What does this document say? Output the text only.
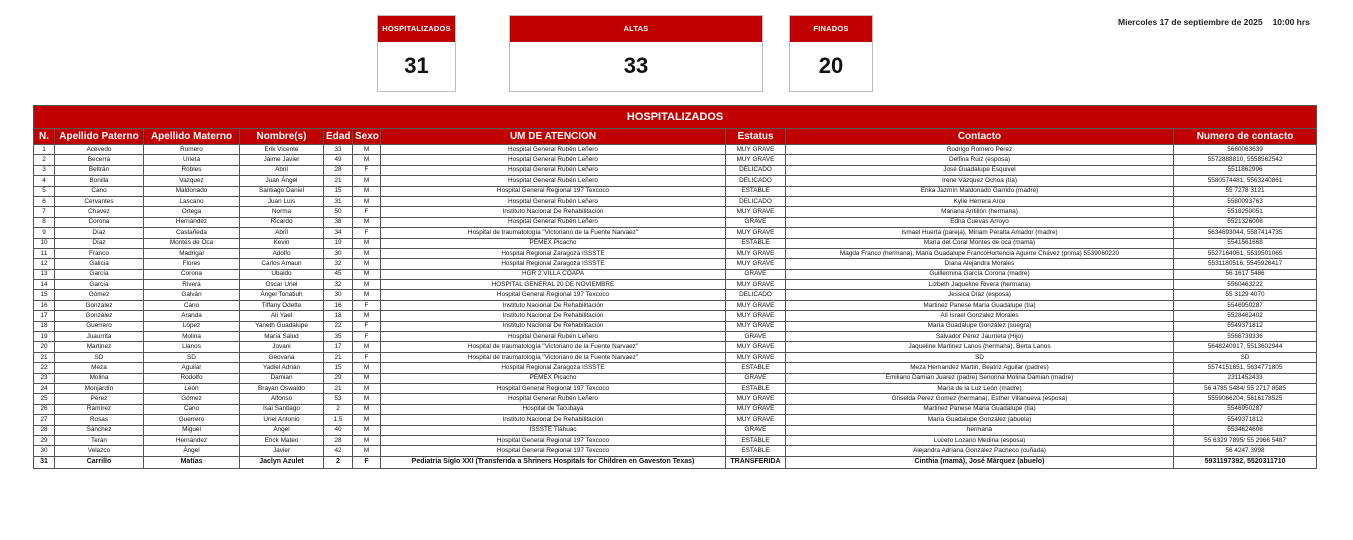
HOSPITALIZADOS
31
ALTAS
33
FINADOS
20
Miercoles 17 de septiembre de 2025 10:00 hrs
HOSPITALIZADOS									
N.	Apellido Paterno	Apellido Materno	Nombre(s)	Edad	Sexo	UM DE ATENCION	Estatus	Contacto	Numero de contacto
1	Acevedo	Romero	Erik Vicente	33	M	Hospital General Rubén Leñero	MUY GRAVE	Rodrigo Romero Pérez	5660063639
2	Becerra	Urieta	Jaime Javier	49	M	Hospital General Rubén Leñero	MUY GRAVE	Delfina Ruiz (esposa)	5572888810, 5558562542
3	Beltrán	Robles	Abril	28	F	Hospital General Rubén Leñero	DELICADO	José Guadalupe Esquivel	5511862996
4	Bonilla	Vazquez	Juan Ángel	21	M	Hospital General Rubén Leñero	DELICADO	Irene Vázquez Ochoa (tía)	5580574481, 5563240861
5	Cano	Maldonado	Santiago Daniel	15	M	Hospital General Regional 197 Texcoco	ESTABLE	Erika Jazmín Maldonado Garrido (madre)	55 7278 3121
6	Cervantes	Lascano	Juan Luis	31	M	Hospital General Rubén Leñero	DELICADO	Kylie Herrera Arce	5580093763
7	Chavez	Ortega	Norma	50	F	Instituto Nacional De Rehabilitación	MUY GRAVE	Mariana Antillón (hermana)	5518250051
8	Corona	Hernández	Ricardo	38	M	Hospital General Rubén Leñero	GRAVE	Edna Cuevas Arroyo	5521326008
9	Díaz	Castañeda	Abril	34	F	Hospital de traumatología "Victoriano de la Fuente Narvaez"	MUY GRAVE	Ismael Huerta (pareja), Miriam Peralta Amador (madre)	5634693044, 5587414735
10	Díaz	Montés de Oca	Kevin	19	M	PEMEX Picacho	ESTABLE	María del Coral Montes de oca (mama)	5541561668
11	Franco	Madrigal	Adolfo	30	M	Hospital Regional Zaragoza ISSSTE	MUY GRAVE	Magda Franco (hermana), María Guadalupe FrancoHortencia Aguirre Chávez (prima) 5539060220	5527164061, 5539501065
12	Galicia	Flores	Carlos Amaun	32	M	Hospital Regional Zaragoza ISSSTE	MUY GRAVE	Diana Alejandra Morales	5531180516, 5545926417
13	García	Corona	Ubaldo	45	M	HGR 2 VILLA COAPA	GRAVE	Guillermina García Corona (madre)	56 1617 5486
14	García	Rivera	Oscar Uriel	32	M	HOSPITAL GENERAL 20 DE NOVIEMBRE	MUY GRAVE	Lizbeth Jaqueline Rivera (hermana)	5560463222
15	Gómez	Galván	Ángel Tonatiuh	30	M	Hospital General Regional 197 Texcoco	DELICADO	Jessica Díaz (esposa)	55 3129 4070
16	Gonzalez	Cano	Tiffany Odette	16	F	Instituto Nacional De Rehabilitación	MUY GRAVE	Martinez Panese María Guadalupe (tía)	5546950287
17	González	Aranda	Alí Yael	18	M	Instituto Nacional De Rehabilitación	MUY GRAVE	Alí Israel Gonzalez Morales	5528462402
18	Guerrero	López	Yaneth Guadalupe	22	F	Instituto Nacional De Rehabilitación	MUY GRAVE	María Guadalupe González (suegra)	5549371812
19	Juaurrita	Molina	María Salud	35	F	Hospital General Rubén Leñero	GRAVE	Salvador Pérez Jaurrieta (Hijo)	5566739336
20	Martinez	Llanos	Jovani	17	M	Hospital de traumatología "Victoriano de la Fuente Narvaez"	MUY GRAVE	Jaqueline Martinez Lanos (hermana), Berta Lanos	5648240917, 5513602944
21	SD	SD	Geovana	21	F	Hospital de traumatología "Victoriano de la Fuente Narvaez"	MUY GRAVE	SD	SD
22	Meza	Aguilar	Yadiel Adrián	15	M	Hospital Regional Zaragoza ISSSTE	ESTABLE	Meza Hernandez Martin, Beatriz Aguilar (padres)	5574151651, 5634771805
23	Molina	Rodolfo	Damian	29	M	PEMEX Picacho	GRAVE	Emiliano Damian Juarez (padre) Senorina Molina Damian (madre)	2311452433
24	Monjardín	León	Brayan Oswaldo	21	M	Hospital General Regional 197 Texcoco	ESTABLE	María de la Luz León (madre)	56 4785 5484/ 55 2717 8585
25	Pérez	Gómez	Alfonso	53	M	Hospital General Rubén Leñero	MUY GRAVE	Griselda Perez Gomez (hermana), Esther Villanueva (esposa)	5559066204, 5616178525
26	Ramírez	Cano	Isai Santiago	2	M	Hospital de Tacubaya	MUY GRAVE	Martinez Panese María Guadalupe (tía)	5546950287
27	Rosas	Guerrero	Uriel Antonio	1.5	M	Instituto Nacional De Rehabilitación	MUY GRAVE	María Guadalupe González (abuela)	5549371812
28	Sánchez	Miguel	Ángel	40	M	ISSSTE Tláhuac	GRAVE	hermana	5534624608
29	Terán	Hernández	Erick Mateo	28	M	Hospital General Regional 197 Texcoco	ESTABLE	Lucero Lozano Medina (esposa)	55 6329 7895/ 55 2966 5487
30	Velazco	Ángel	Javier	42	M	Hospital General Regional 197 Texcoco	ESTABLE	Alejandra Adriana González Pacheco (cuñada)	56 4247 3998
31	Carrillo	Matías	Jaclyn Azulet	2	F	Pediatría Siglo XXI (Transferida a Shriners Hospitals for Children en Gaveston Texas)	TRANSFERIDA	Cinthia (mamá), José Márquez (abuelo)	5931197392, 5520311710
